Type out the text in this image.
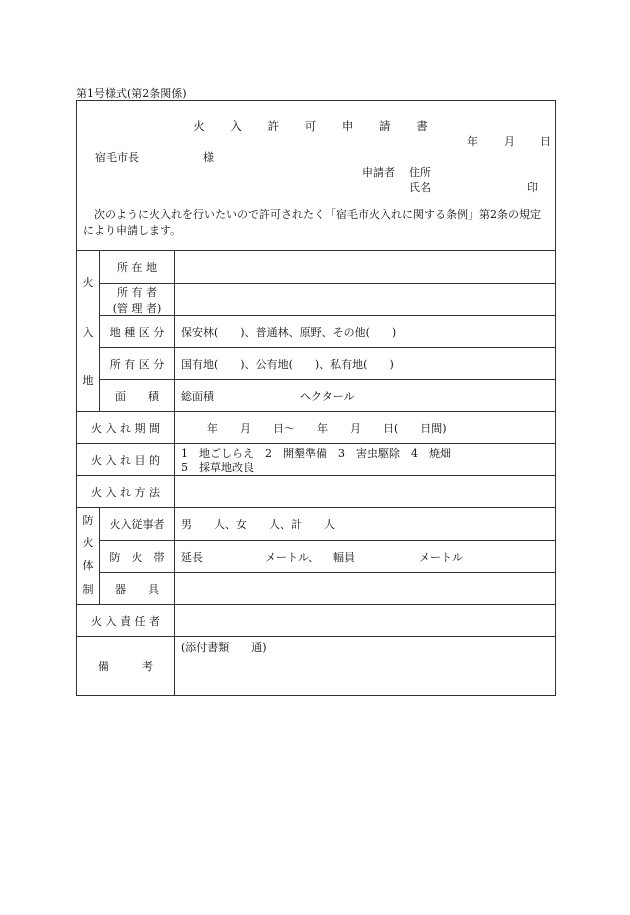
第1号様式(第2条関係)
火 入 許 可 申 請 書
年 月 日
宿毛市長	様
申請者 住所
氏名	印
次のように火入れを行いたいので許可されたく「宿毛市火入れに関する条例」第2条の規定により申請します。
火
入
地
所 在 地
所 有 者
(管 理 者)
地 種 区 分	保安林(　　)、普通林、原野、その他(　　)
所 有 区 分	国有地(　　)、公有地(　　)、私有地(　　)
面　　積	総面積	ヘクタール
火 入 れ 期 間	年　　月　　日～　　年　　月　　日(　　日間)
火 入 れ 目 的	1　地ごしらえ　2　開墾準備　3　害虫駆除　4　焼畑
5　採草地改良
火 入 れ 方 法
防
火
体
制
火入従事者	男　　人、女　　人、計　　人
防　火　帯	延長	メートル、 幅員	メートル
器　　具
火 入 責 任 者
備　　　考
(添付書類　　通)
